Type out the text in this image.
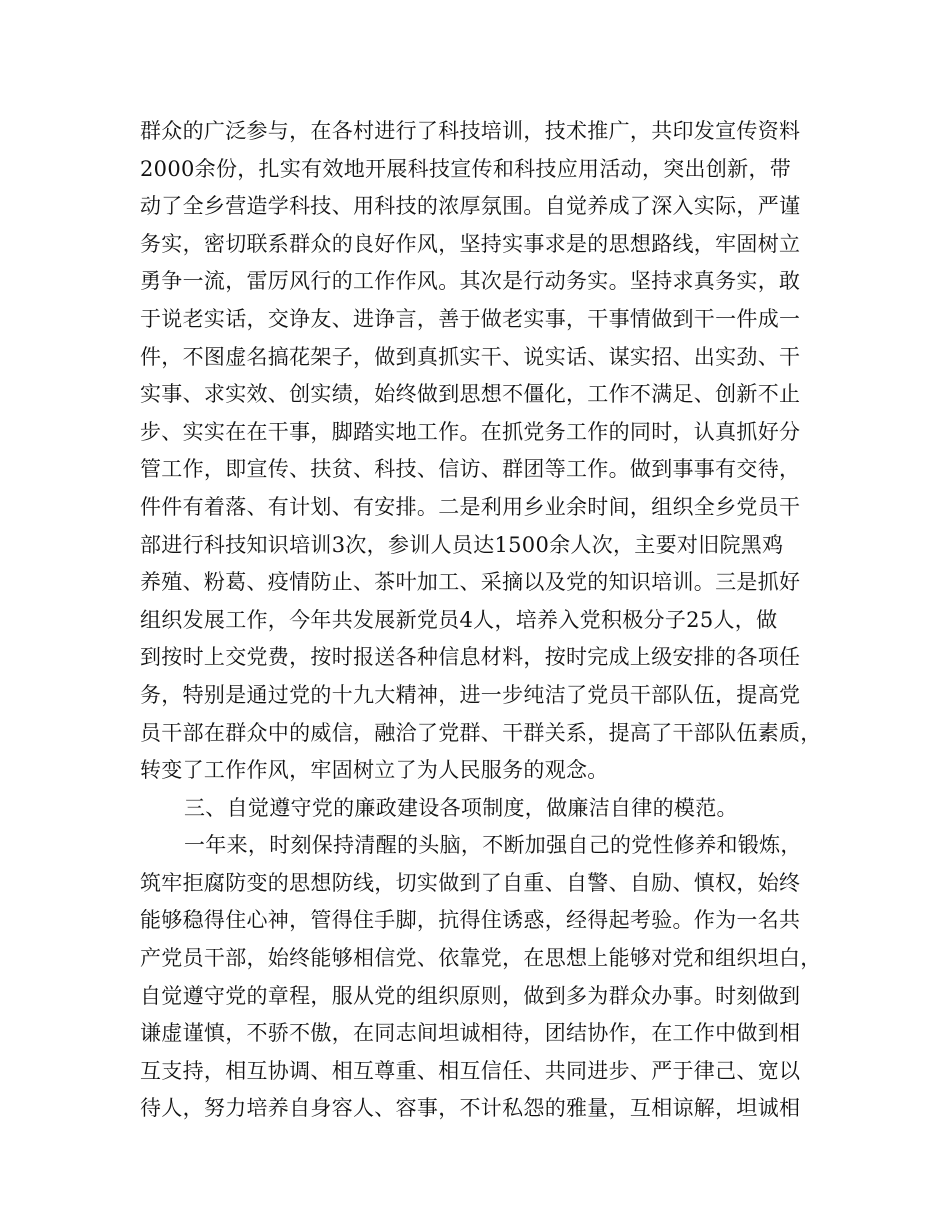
群众的广泛参与，在各村进行了科技培训，技术推广，共印发宣传资料
2000余份，扎实有效地开展科技宣传和科技应用活动，突出创新，带
动了全乡营造学科技、用科技的浓厚氛围。自觉养成了深入实际，严谨
务实，密切联系群众的良好作风，坚持实事求是的思想路线，牢固树立
勇争一流，雷厉风行的工作作风。其次是行动务实。坚持求真务实，敢
于说老实话，交诤友、进诤言，善于做老实事，干事情做到干一件成一
件，不图虚名搞花架子，做到真抓实干、说实话、谋实招、出实劲、干
实事、求实效、创实绩，始终做到思想不僵化，工作不满足、创新不止
步、实实在在干事，脚踏实地工作。在抓党务工作的同时，认真抓好分
管工作，即宣传、扶贫、科技、信访、群团等工作。做到事事有交待，
件件有着落、有计划、有安排。二是利用乡业余时间，组织全乡党员干
部进行科技知识培训3次，参训人员达1500余人次，主要对旧院黑鸡
养殖、粉葛、疫情防止、茶叶加工、采摘以及党的知识培训。三是抓好
组织发展工作，今年共发展新党员4人，培养入党积极分子25人，做
到按时上交党费，按时报送各种信息材料，按时完成上级安排的各项任
务，特别是通过党的十九大精神，进一步纯洁了党员干部队伍，提高党
员干部在群众中的威信，融洽了党群、干群关系，提高了干部队伍素质，
转变了工作作风，牢固树立了为人民服务的观念。
三、自觉遵守党的廉政建设各项制度，做廉洁自律的模范。
一年来，时刻保持清醒的头脑，不断加强自己的党性修养和锻炼，
筑牢拒腐防变的思想防线，切实做到了自重、自警、自励、慎权，始终
能够稳得住心神，管得住手脚，抗得住诱惑，经得起考验。作为一名共
产党员干部，始终能够相信党、依靠党，在思想上能够对党和组织坦白，
自觉遵守党的章程，服从党的组织原则，做到多为群众办事。时刻做到
谦虚谨慎，不骄不傲，在同志间坦诚相待，团结协作，在工作中做到相
互支持，相互协调、相互尊重、相互信任、共同进步、严于律己、宽以
待人，努力培养自身容人、容事，不计私怨的雅量，互相谅解，坦诚相
